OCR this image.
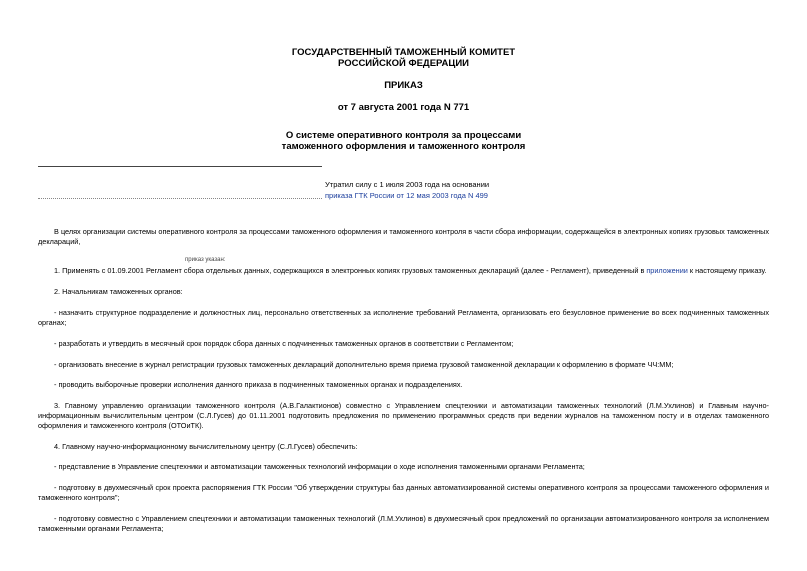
ГОСУДАРСТВЕННЫЙ ТАМОЖЕННЫЙ КОМИТЕТ
РОССИЙСКОЙ ФЕДЕРАЦИИ
ПРИКАЗ
от 7 августа 2001 года N 771
О системе оперативного контроля за процессами
таможенного оформления и таможенного контроля
Утратил силу с 1 июля 2003 года на основании
приказа ГТК России от 12 мая 2003 года N 499
В целях организации системы оперативного контроля за процессами таможенного оформления и таможенного контроля в части сбора информации, содержащейся в электронных копиях грузовых таможенных деклараций,
приказ указан:
1. Применять с 01.09.2001 Регламент сбора отдельных данных, содержащихся в электронных копиях грузовых таможенных деклараций (далее - Регламент), приведенный в приложении к настоящему приказу.
2. Начальникам таможенных органов:
- назначить структурное подразделение и должностных лиц, персонально ответственных за исполнение требований Регламента, организовать его безусловное применение во всех подчиненных таможенных органах;
- разработать и утвердить в месячный срок порядок сбора данных с подчиненных таможенных органов в соответствии с Регламентом;
- организовать внесение в журнал регистрации грузовых таможенных деклараций дополнительно время приема грузовой таможенной декларации к оформлению в формате ЧЧ:ММ;
- проводить выборочные проверки исполнения данного приказа в подчиненных таможенных органах и подразделениях.
3. Главному управлению организации таможенного контроля (А.В.Галактионов) совместно с Управлением спецтехники и автоматизации таможенных технологий (Л.М.Ухлинов) и Главным научно-информационным вычислительным центром (С.Л.Гусев) до 01.11.2001 подготовить предложения по применению программных средств при ведении журналов на таможенном посту и в отделах таможенного оформления и таможенного контроля (ОТОиТК).
4. Главному научно-информационному вычислительному центру (С.Л.Гусев) обеспечить:
- представление в Управление спецтехники и автоматизации таможенных технологий информации о ходе исполнения таможенными органами Регламента;
- подготовку в двухмесячный срок проекта распоряжения ГТК России "Об утверждении структуры баз данных автоматизированной системы оперативного контроля за процессами таможенного оформления и таможенного контроля";
- подготовку совместно с Управлением спецтехники и автоматизации таможенных технологий (Л.М.Ухлинов) в двухмесячный срок предложений по организации автоматизированного контроля за исполнением таможенными органами Регламента;
